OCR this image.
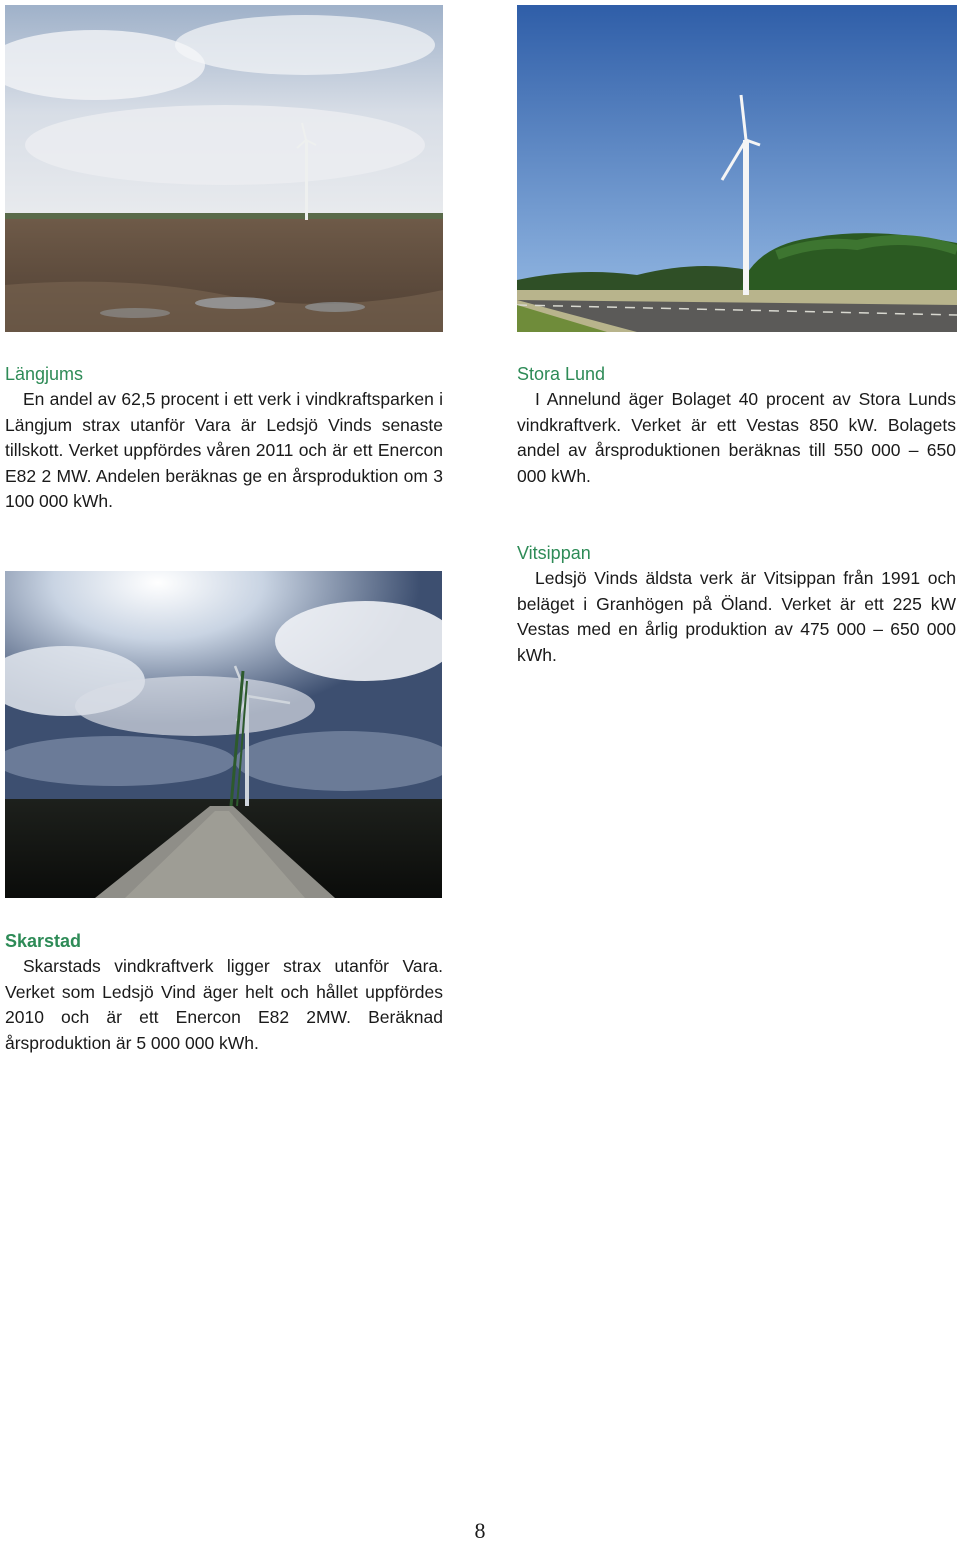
Längjums

En andel av 62,5 procent i ett verk i vindkraftsparken i Längjum strax utanför Vara är Ledsjö Vinds senaste tillskott. Verket uppfördes våren 2011 och är ett Enercon E82 2 MW. Andelen beräknas ge en årsproduktion om 3 100 000 kWh.

Stora Lund

I Annelund äger Bolaget 40 procent av Stora Lunds vindkraftverk. Verket är ett Vestas 850 kW. Bolagets andel av årsproduktionen beräknas till 550 000 – 650 000 kWh.

Vitsippan

Ledsjö Vinds äldsta verk är Vitsippan från 1991 och beläget i Granhögen på Öland. Verket är ett 225 kW Vestas med en årlig produktion av 475 000 – 650 000 kWh.

Skarstad

Skarstads vindkraftverk ligger strax utanför Vara. Verket som Ledsjö Vind äger helt och hållet uppfördes 2010 och är ett Enercon E82 2MW. Beräknad årsproduktion är 5 000 000 kWh.

8
